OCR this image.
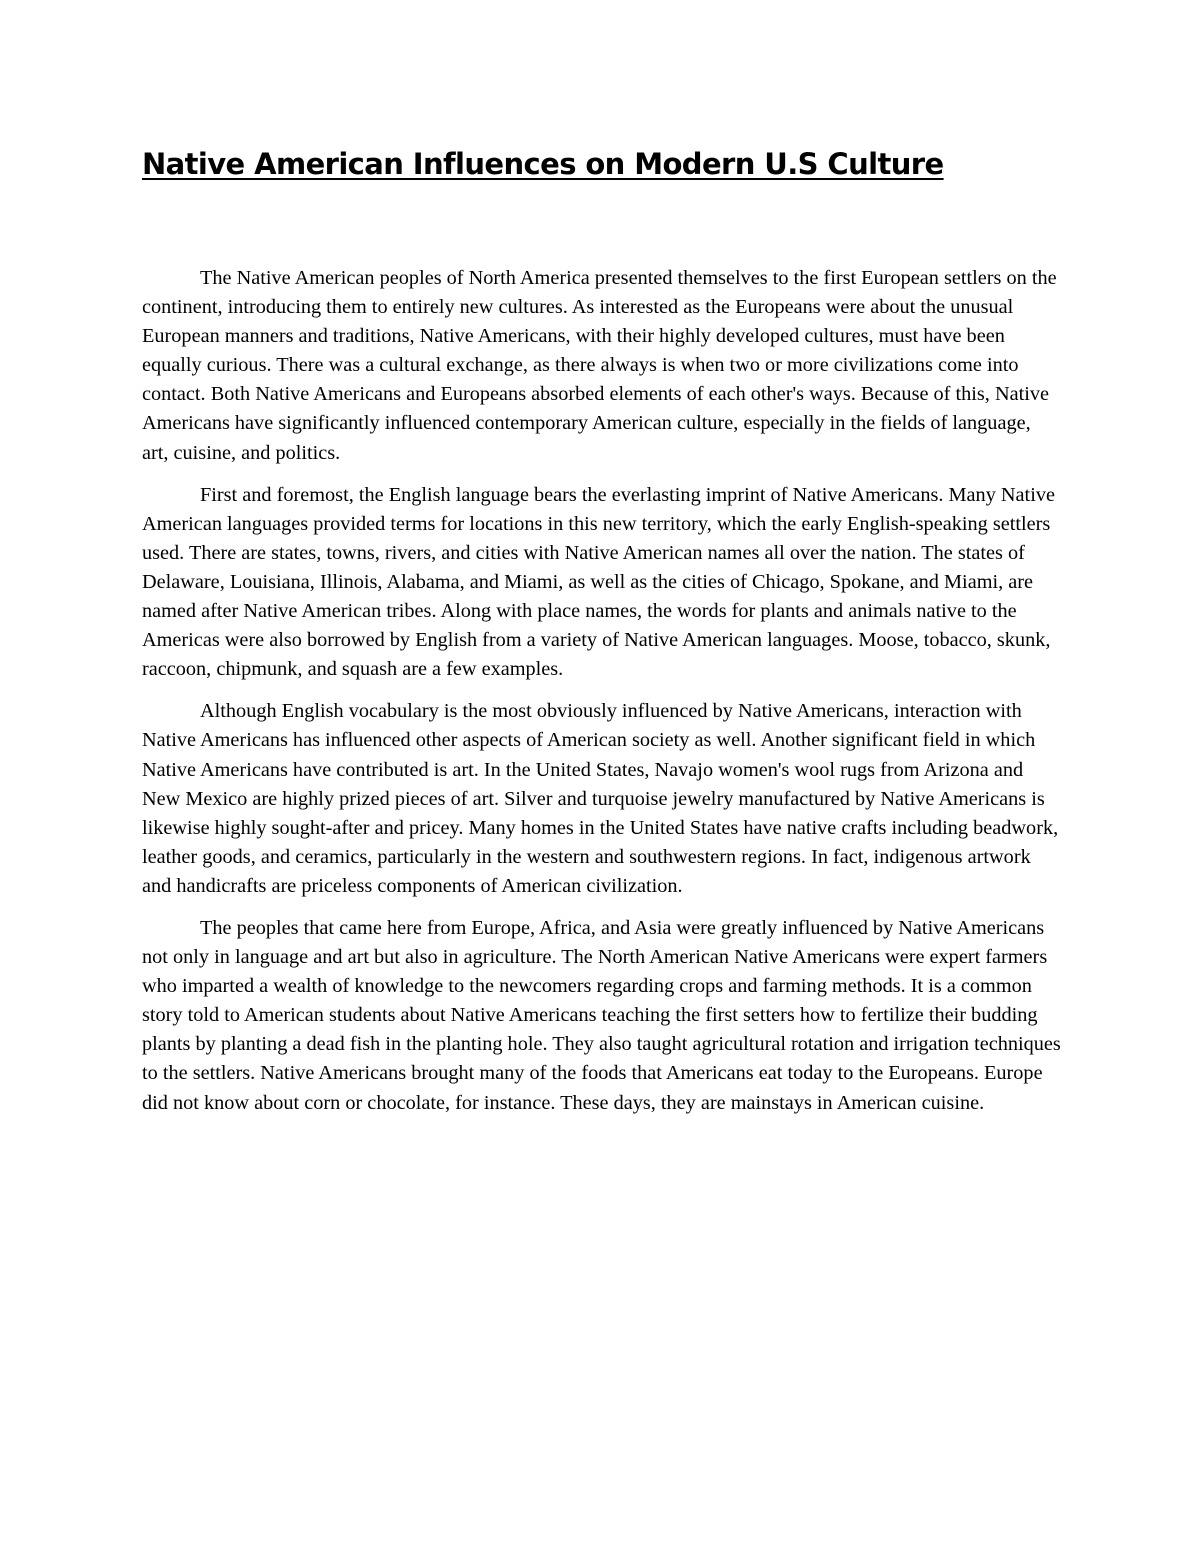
Native American Influences on Modern U.S Culture

The Native American peoples of North America presented themselves to the first European settlers on the continent, introducing them to entirely new cultures. As interested as the Europeans were about the unusual European manners and traditions, Native Americans, with their highly developed cultures, must have been equally curious. There was a cultural exchange, as there always is when two or more civilizations come into contact. Both Native Americans and Europeans absorbed elements of each other's ways. Because of this, Native Americans have significantly influenced contemporary American culture, especially in the fields of language, art, cuisine, and politics.

First and foremost, the English language bears the everlasting imprint of Native Americans. Many Native American languages provided terms for locations in this new territory, which the early English-speaking settlers used. There are states, towns, rivers, and cities with Native American names all over the nation. The states of Delaware, Louisiana, Illinois, Alabama, and Miami, as well as the cities of Chicago, Spokane, and Miami, are named after Native American tribes. Along with place names, the words for plants and animals native to the Americas were also borrowed by English from a variety of Native American languages. Moose, tobacco, skunk, raccoon, chipmunk, and squash are a few examples.

Although English vocabulary is the most obviously influenced by Native Americans, interaction with Native Americans has influenced other aspects of American society as well. Another significant field in which Native Americans have contributed is art. In the United States, Navajo women's wool rugs from Arizona and New Mexico are highly prized pieces of art. Silver and turquoise jewelry manufactured by Native Americans is likewise highly sought-after and pricey. Many homes in the United States have native crafts including beadwork, leather goods, and ceramics, particularly in the western and southwestern regions. In fact, indigenous artwork and handicrafts are priceless components of American civilization.

The peoples that came here from Europe, Africa, and Asia were greatly influenced by Native Americans not only in language and art but also in agriculture. The North American Native Americans were expert farmers who imparted a wealth of knowledge to the newcomers regarding crops and farming methods. It is a common story told to American students about Native Americans teaching the first setters how to fertilize their budding plants by planting a dead fish in the planting hole. They also taught agricultural rotation and irrigation techniques to the settlers. Native Americans brought many of the foods that Americans eat today to the Europeans. Europe did not know about corn or chocolate, for instance. These days, they are mainstays in American cuisine.
